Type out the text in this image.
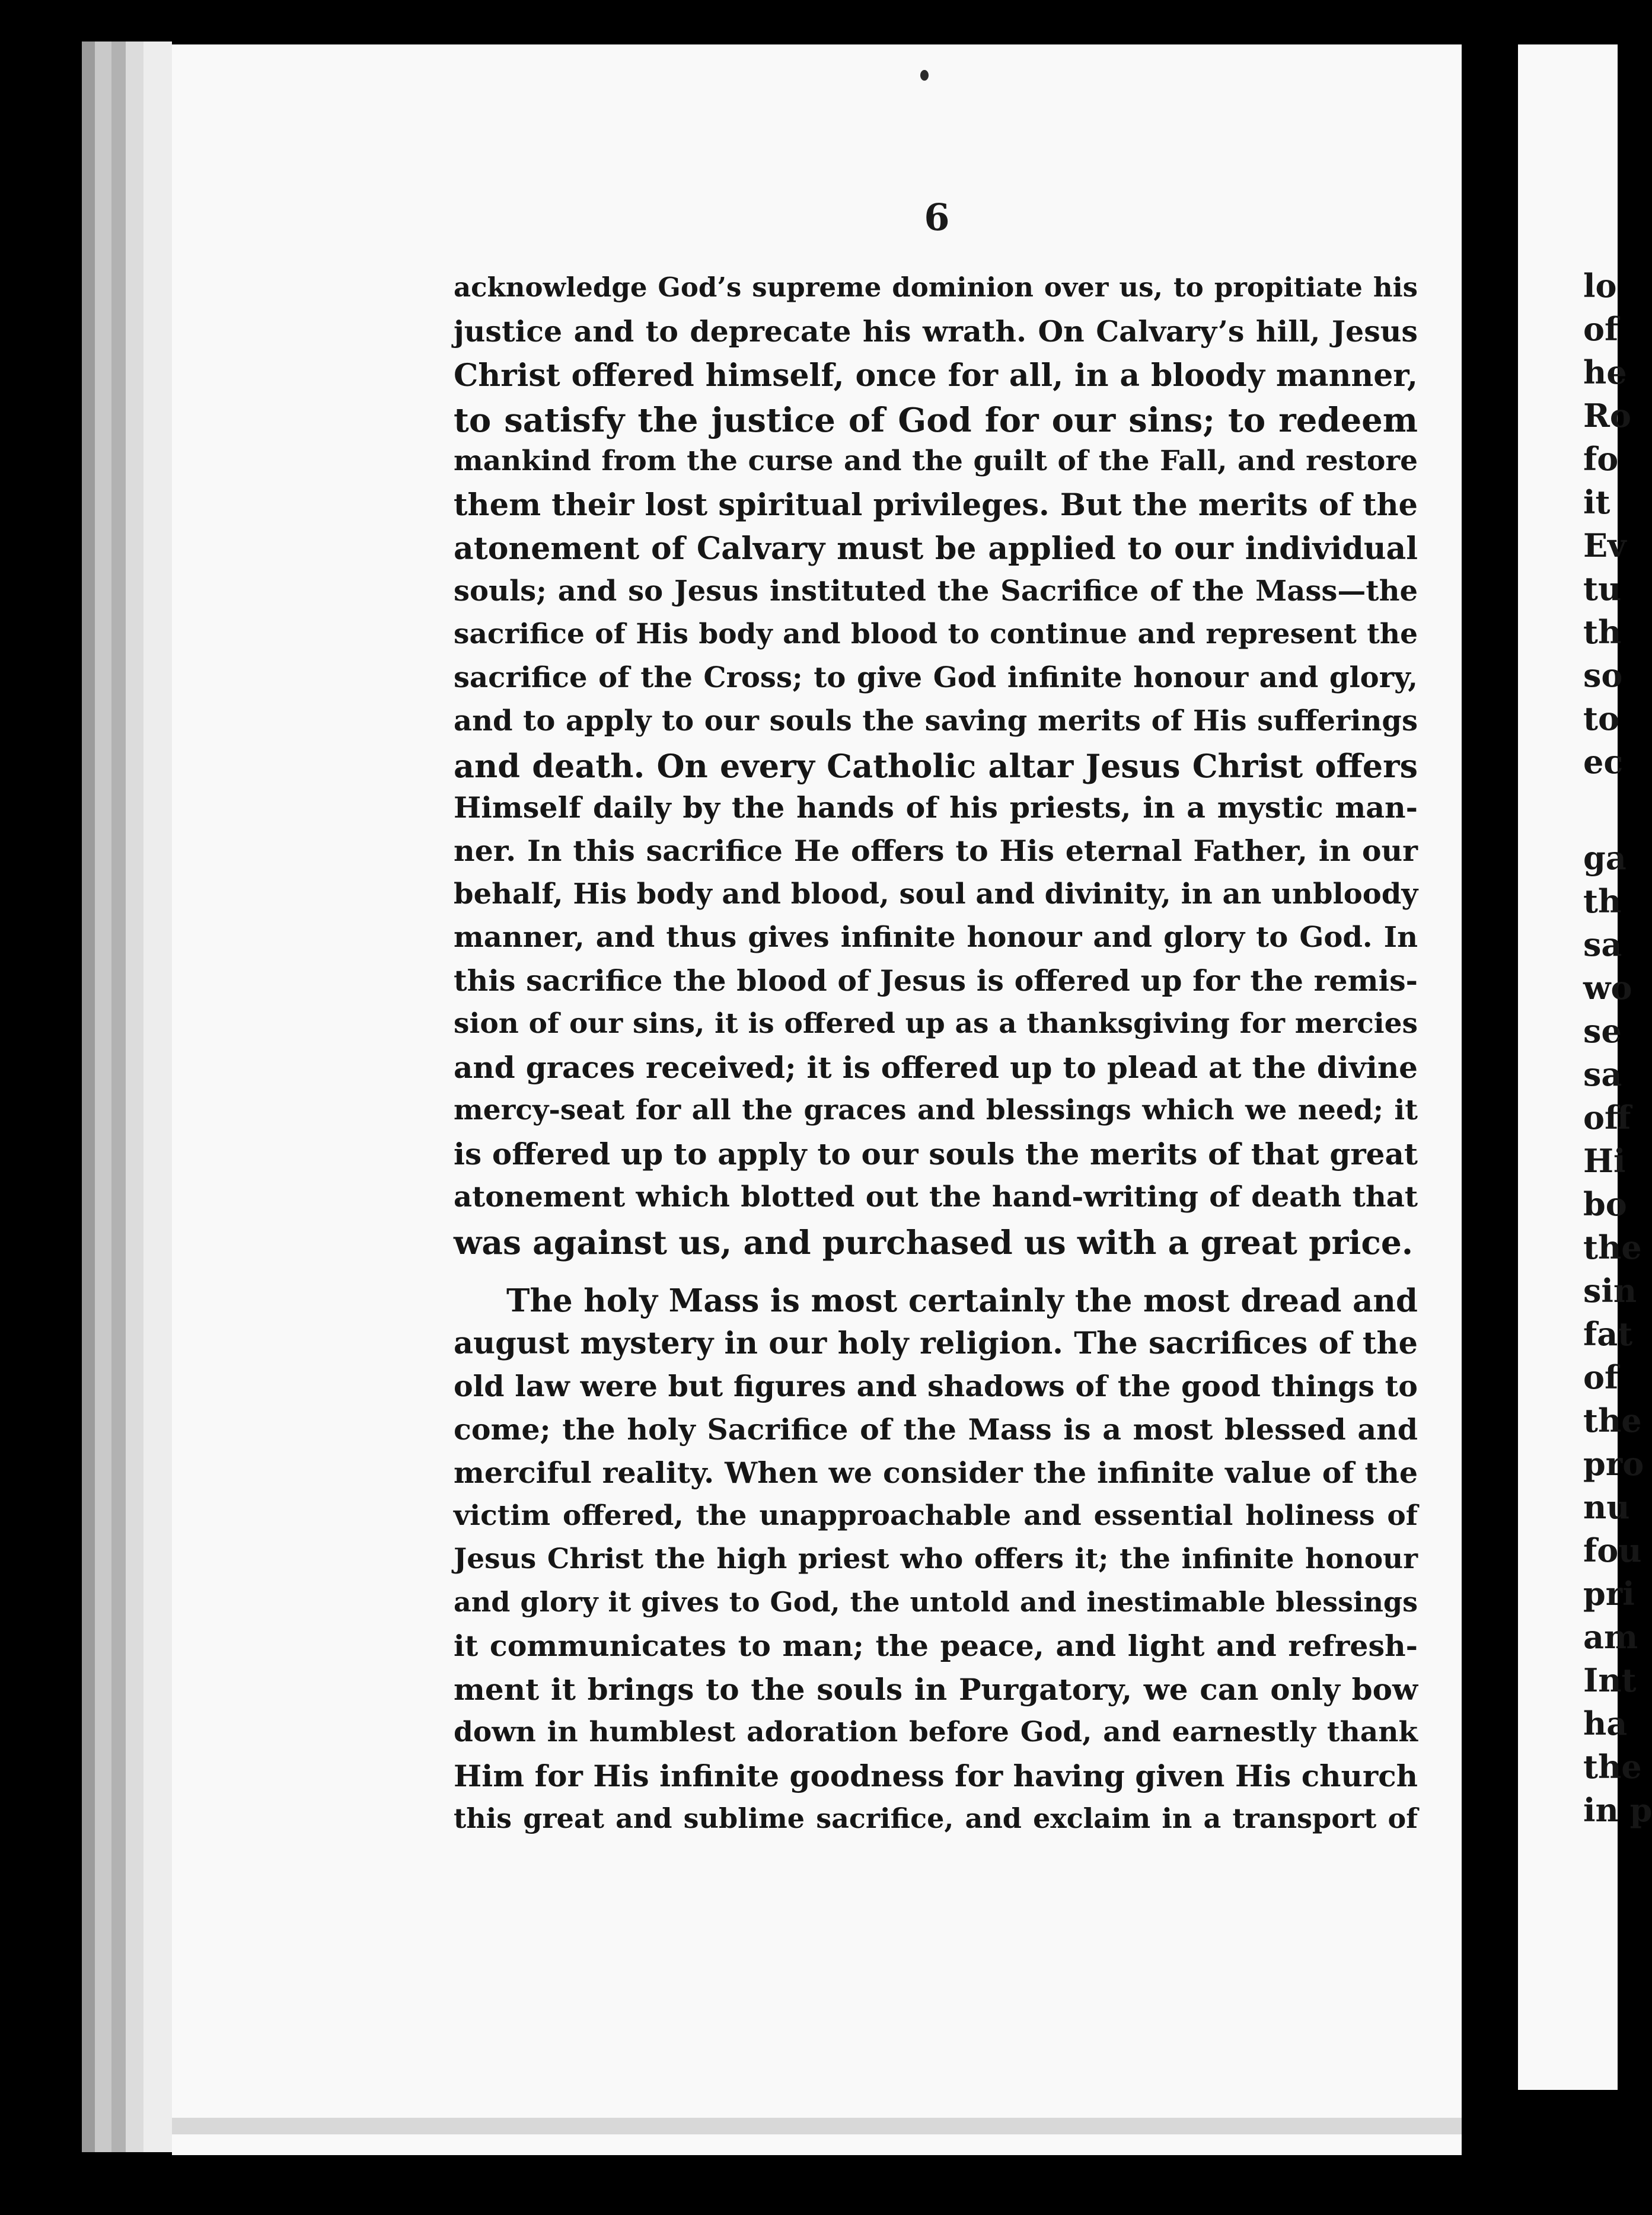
6
acknowledge God’s supreme dominion over us, to propitiate his
justice and to deprecate his wrath. On Calvary’s hill, Jesus
Christ offered himself, once for all, in a bloody manner,
to satisfy the justice of God for our sins; to redeem
mankind from the curse and the guilt of the Fall, and restore
them their lost spiritual privileges. But the merits of the
atonement of Calvary must be applied to our individual
souls; and so Jesus instituted the Sacrifice of the Mass—the
sacrifice of His body and blood to continue and represent the
sacrifice of the Cross; to give God infinite honour and glory,
and to apply to our souls the saving merits of His sufferings
and death. On every Catholic altar Jesus Christ offers
Himself daily by the hands of his priests, in a mystic man-
ner. In this sacrifice He offers to His eternal Father, in our
behalf, His body and blood, soul and divinity, in an unbloody
manner, and thus gives infinite honour and glory to God. In
this sacrifice the blood of Jesus is offered up for the remis-
sion of our sins, it is offered up as a thanksgiving for mercies
and graces received; it is offered up to plead at the divine
mercy-seat for all the graces and blessings which we need; it
is offered up to apply to our souls the merits of that great
atonement which blotted out the hand-writing of death that
was against us, and purchased us with a great price.
The holy Mass is most certainly the most dread and
august mystery in our holy religion. The sacrifices of the
old law were but figures and shadows of the good things to
come; the holy Sacrifice of the Mass is a most blessed and
merciful reality. When we consider the infinite value of the
victim offered, the unapproachable and essential holiness of
Jesus Christ the high priest who offers it; the infinite honour
and glory it gives to God, the untold and inestimable blessings
it communicates to man; the peace, and light and refresh-
ment it brings to the souls in Purgatory, we can only bow
down in humblest adoration before God, and earnestly thank
Him for His infinite goodness for having given His church
this great and sublime sacrifice, and exclaim in a transport of
lo
of
he
Ro
fo
it
Ev
tu
th
so
to
ec
ga
th
sa
wo
se
sa
off
Hi
bo
the
sin
fat
of
the
pro
nu
fou
pri
am
Int
ha
the
in p
